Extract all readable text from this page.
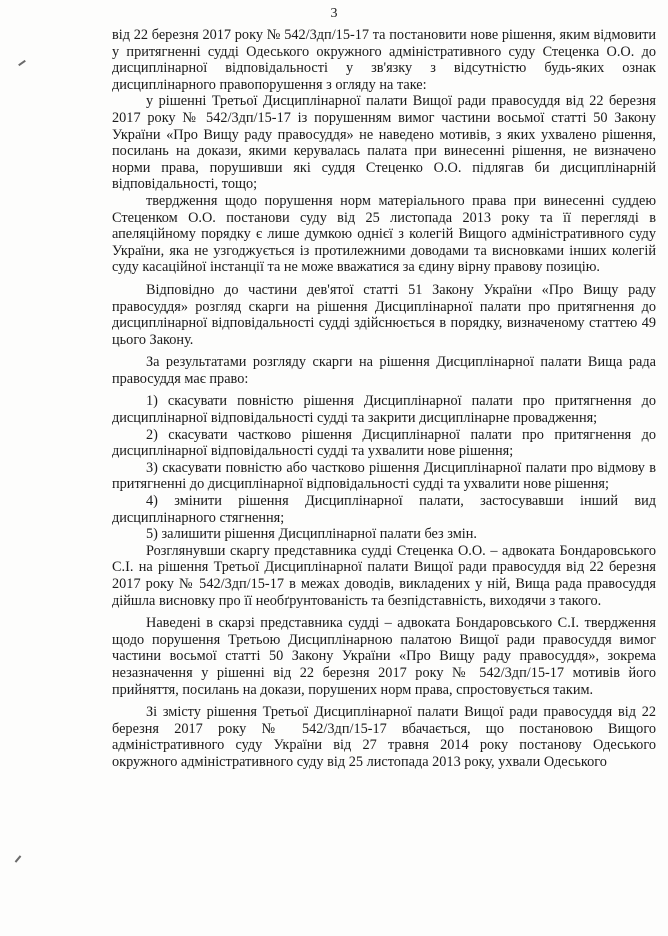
3

від 22 березня 2017 року № 542/3дп/15-17 та постановити нове рішення, яким відмовити у притягненні судді Одеського окружного адміністративного суду Стеценка О.О. до дисциплінарної відповідальності у зв'язку з відсутністю будь-яких ознак дисциплінарного правопорушення з огляду на таке:

у рішенні Третьої Дисциплінарної палати Вищої ради правосуддя від 22 березня 2017 року № 542/3дп/15-17 із порушенням вимог частини восьмої статті 50 Закону України «Про Вищу раду правосуддя» не наведено мотивів, з яких ухвалено рішення, посилань на докази, якими керувалась палата при винесенні рішення, не визначено норми права, порушивши які суддя Стеценко О.О. підлягав би дисциплінарній відповідальності, тощо;

твердження щодо порушення норм матеріального права при винесенні суддею Стеценком О.О. постанови суду від 25 листопада 2013 року та її перегляді в апеляційному порядку є лише думкою однієї з колегій Вищого адміністративного суду України, яка не узгоджується із протилежними доводами та висновками інших колегій суду касаційної інстанції та не може вважатися за єдину вірну правову позицію.

Відповідно до частини дев'ятої статті 51 Закону України «Про Вищу раду правосуддя» розгляд скарги на рішення Дисциплінарної палати про притягнення до дисциплінарної відповідальності судді здійснюється в порядку, визначеному статтею 49 цього Закону.

За результатами розгляду скарги на рішення Дисциплінарної палати Вища рада правосуддя має право:

1) скасувати повністю рішення Дисциплінарної палати про притягнення до дисциплінарної відповідальності судді та закрити дисциплінарне провадження;

2) скасувати частково рішення Дисциплінарної палати про притягнення до дисциплінарної відповідальності судді та ухвалити нове рішення;

3) скасувати повністю або частково рішення Дисциплінарної палати про відмову в притягненні до дисциплінарної відповідальності судді та ухвалити нове рішення;

4) змінити рішення Дисциплінарної палати, застосувавши інший вид дисциплінарного стягнення;

5) залишити рішення Дисциплінарної палати без змін.

Розглянувши скаргу представника судді Стеценка О.О. – адвоката Бондаровського С.І. на рішення Третьої Дисциплінарної палати Вищої ради правосуддя від 22 березня 2017 року № 542/3дп/15-17 в межах доводів, викладених у ній, Вища рада правосуддя дійшла висновку про її необґрунтованість та безпідставність, виходячи з такого.

Наведені в скарзі представника судді – адвоката Бондаровського С.І. твердження щодо порушення Третьою Дисциплінарною палатою Вищої ради правосуддя вимог частини восьмої статті 50 Закону України «Про Вищу раду правосуддя», зокрема незазначення у рішенні від 22 березня 2017 року № 542/3дп/15-17 мотивів його прийняття, посилань на докази, порушених норм права, спростовується таким.

Зі змісту рішення Третьої Дисциплінарної палати Вищої ради правосуддя від 22 березня 2017 року № 542/3дп/15-17 вбачається, що постановою Вищого адміністративного суду України від 27 травня 2014 року постанову Одеського окружного адміністративного суду від 25 листопада 2013 року, ухвали Одеського
